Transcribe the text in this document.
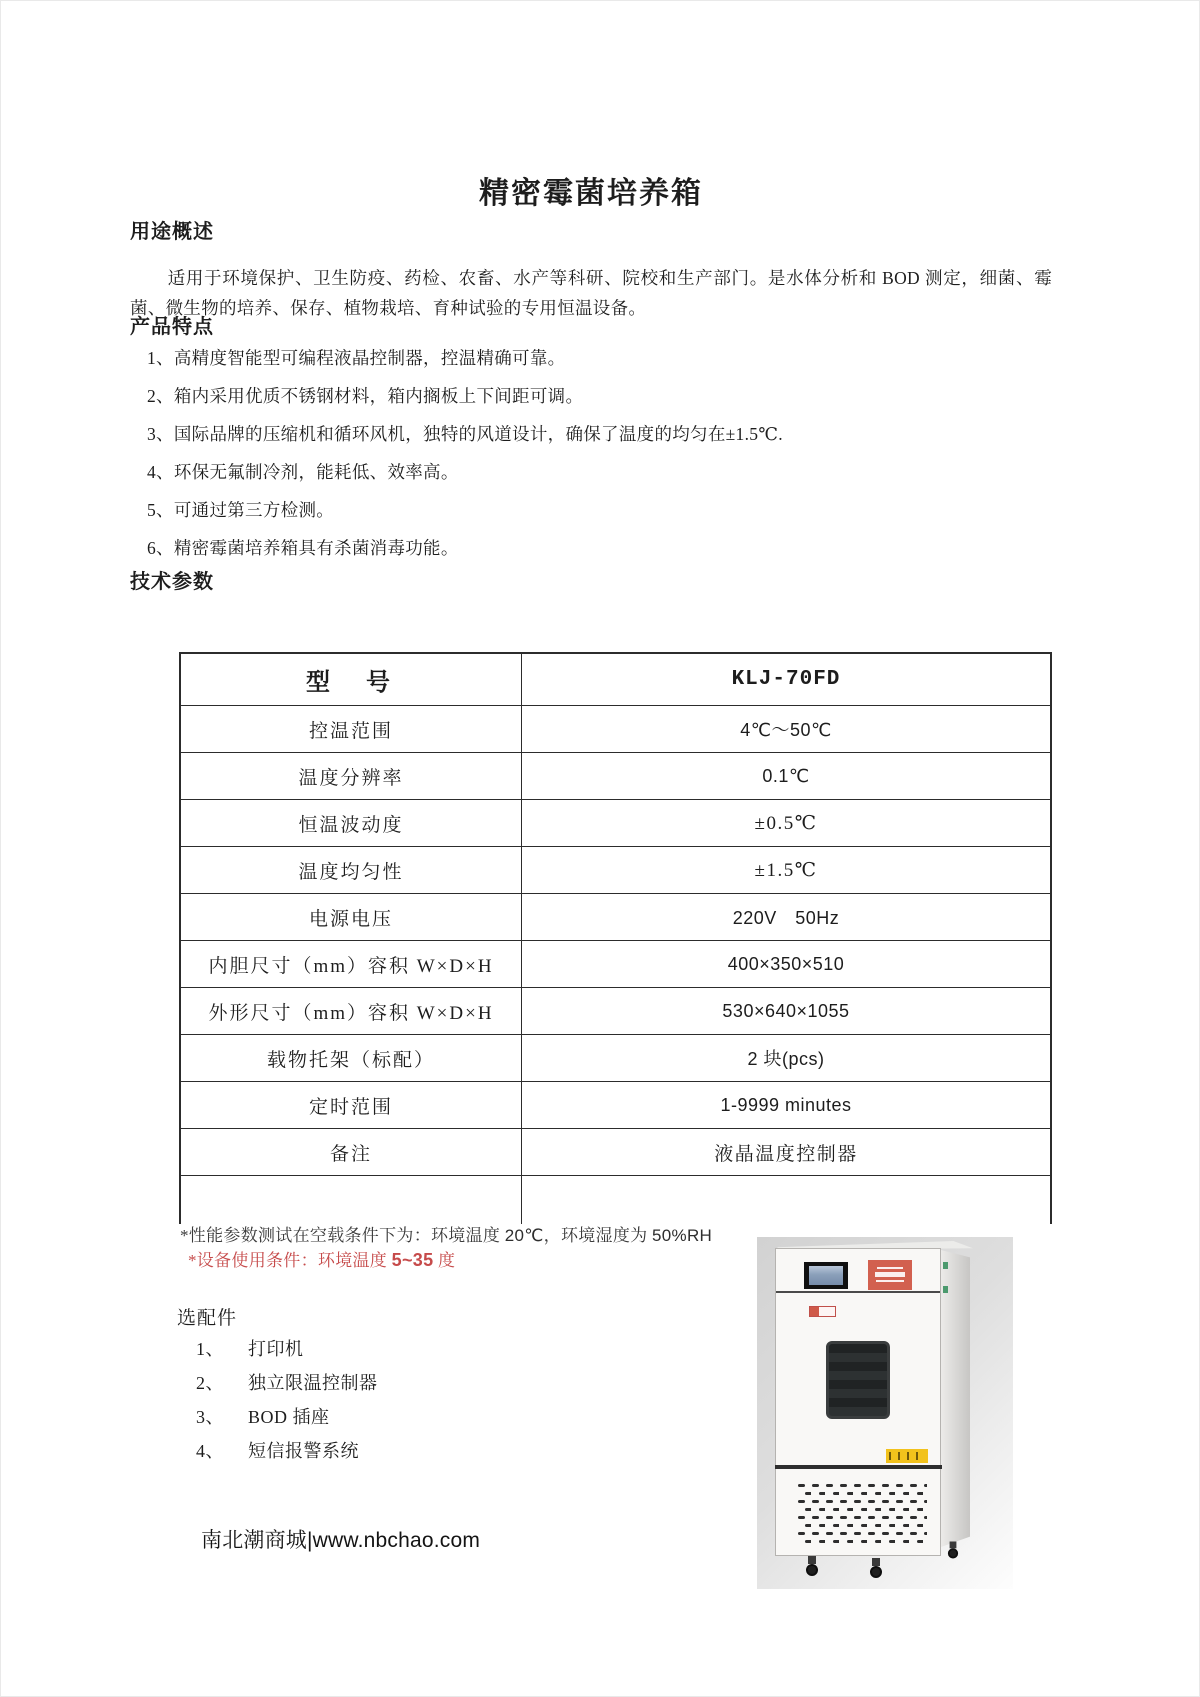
精密霉菌培养箱
用途概述

适用于环境保护、卫生防疫、药检、农畜、水产等科研、院校和生产部门。是水体分析和 BOD 测定，细菌、霉菌、微生物的培养、保存、植物栽培、育种试验的专用恒温设备。

产品特点
1、高精度智能型可编程液晶控制器，控温精确可靠。
2、箱内采用优质不锈钢材料，箱内搁板上下间距可调。
3、国际品牌的压缩机和循环风机，独特的风道设计，确保了温度的均匀在±1.5℃.
4、环保无氟制冷剂，能耗低、效率高。
5、可通过第三方检测。
6、精密霉菌培养箱具有杀菌消毒功能。
技术参数
型　号	KLJ-70FD
控温范围	4℃～50℃
温度分辨率	0.1℃
恒温波动度	±0.5℃
温度均匀性	±1.5℃
电源电压	220V　50Hz
内胆尺寸（mm）容积 W×D×H	400×350×510
外形尺寸（mm）容积 W×D×H	530×640×1055
载物托架（标配）	2 块(pcs)
定时范围	1-9999 minutes
备注	液晶温度控制器
*性能参数测试在空载条件下为：环境温度 20℃，环境湿度为 50%RH
*设备使用条件：环境温度 5~35 度
选配件
1、	打印机
2、	独立限温控制器
3、	BOD 插座
4、	短信报警系统
南北潮商城|www.nbchao.com
